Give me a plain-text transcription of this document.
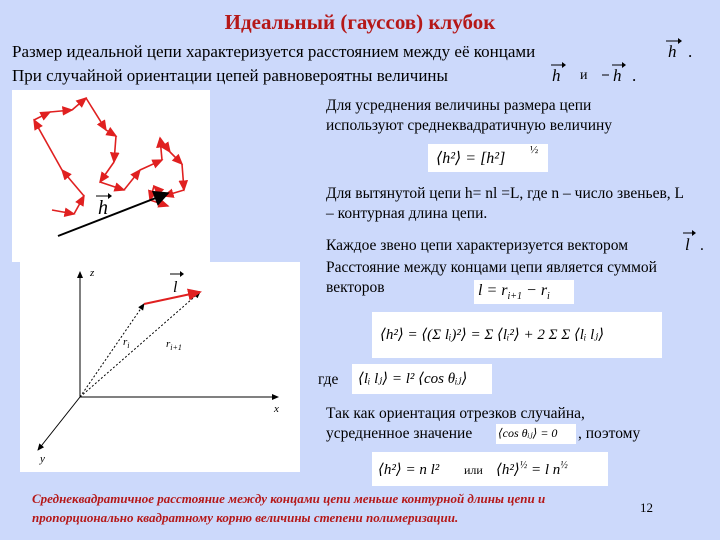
Идеальный (гауссов) клубок
Размер идеальной цепи характеризуется расстоянием между её концами	h .
При случайной ориентации цепей равновероятны величины	h и h .
h
z
x
y
$r_i$	$r_{i+1}$
l
Для усреднения величины размера цепи используют среднеквадратичную величину
⟨h²⟩ = [h²] ½
Для вытянутой цепи h= nl =L, где n – число звеньев, L – контурная длина цепи.
Каждое звено цепи характеризуется вектором	l .
Расстояние между концами цепи является суммой векторов	$l = r_{i+1} - r_i$
⟨h²⟩ = ⟨(Σ lᵢ)²⟩ = Σ ⟨lᵢ²⟩ + 2 Σ Σ ⟨lᵢ lⱼ⟩
где ⟨lᵢ lⱼ⟩ = l² ⟨cos θᵢⱼ⟩
Так как ориентация отрезков случайна,
усредненное значение ⟨cos θᵢⱼ⟩ = 0 , поэтому
⟨h²⟩ = n l² или ⟨h²⟩$^{\frac{1}{2}}$ = l $n^{\frac{1}{2}}$
Среднеквадратичное расстояние между концами цепи меньше контурной длины цепи и пропорционально квадратному корню величины степени полимеризации.
12
